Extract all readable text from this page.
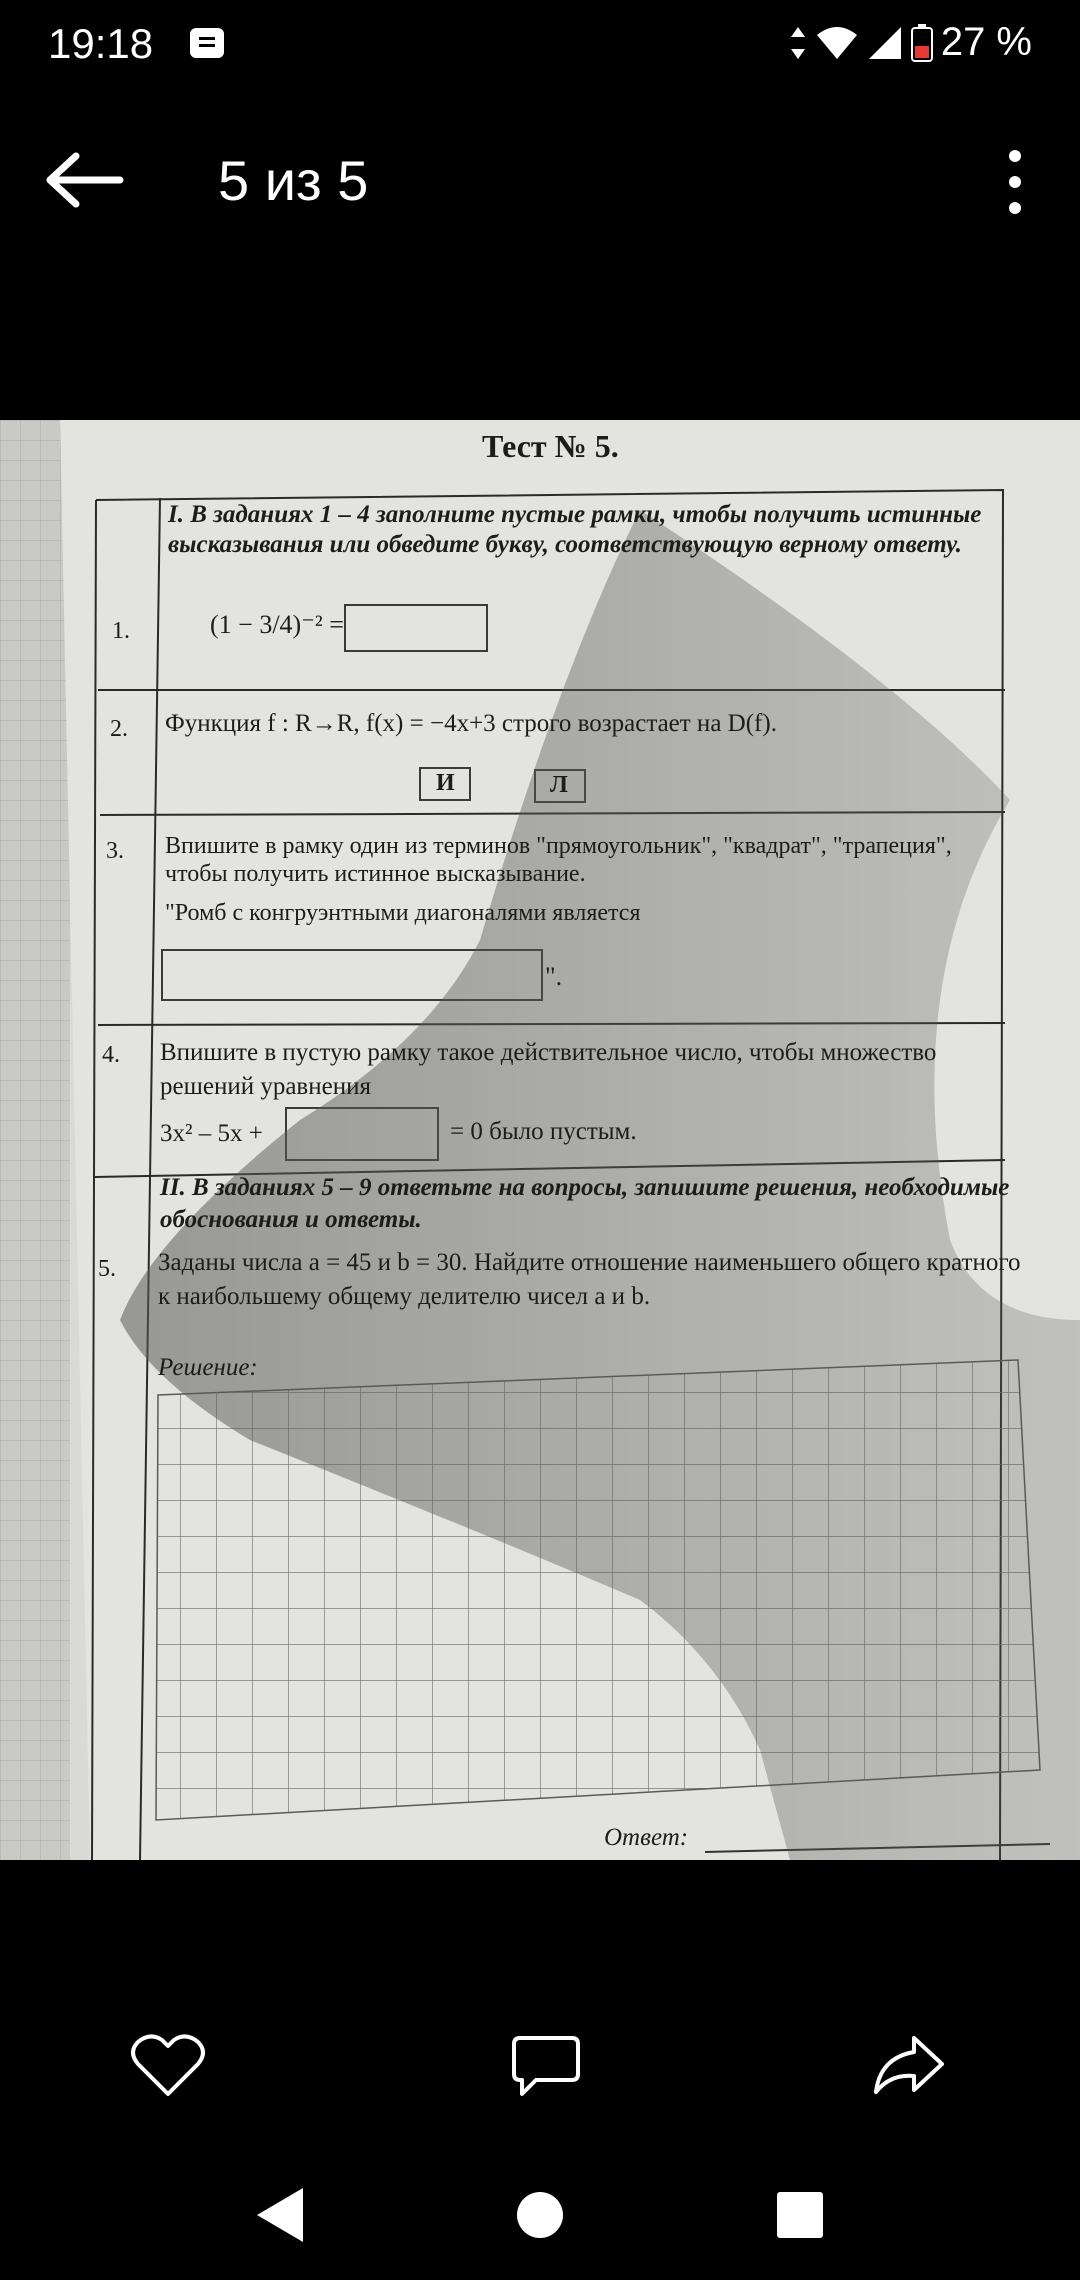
19:18	27 %
5 из 5
Тест № 5.
I. В заданиях 1 – 4 заполните пустые рамки, чтобы получить истинные высказывания или обведите букву, соответствующую верному ответу.
1.	(1 − 3/4)⁻² =
2. Функция f : R→R, f(x) = −4x+3 строго возрастает на D(f).
И	Л
3. Впишите в рамку один из терминов "прямоугольник", "квадрат", "трапеция", чтобы получить истинное высказывание.
"Ромб с конгруэнтными диагоналями является
".
4. Впишите в пустую рамку такое действительное число, чтобы множество решений уравнения
3x² – 5x +	= 0 было пустым.
II. В заданиях 5 – 9 ответьте на вопросы, запишите решения, необходимые обоснования и ответы.
5. Заданы числа a = 45 и b = 30. Найдите отношение наименьшего общего кратного к наибольшему общему делителю чисел a и b.
Решение:
Ответ:
